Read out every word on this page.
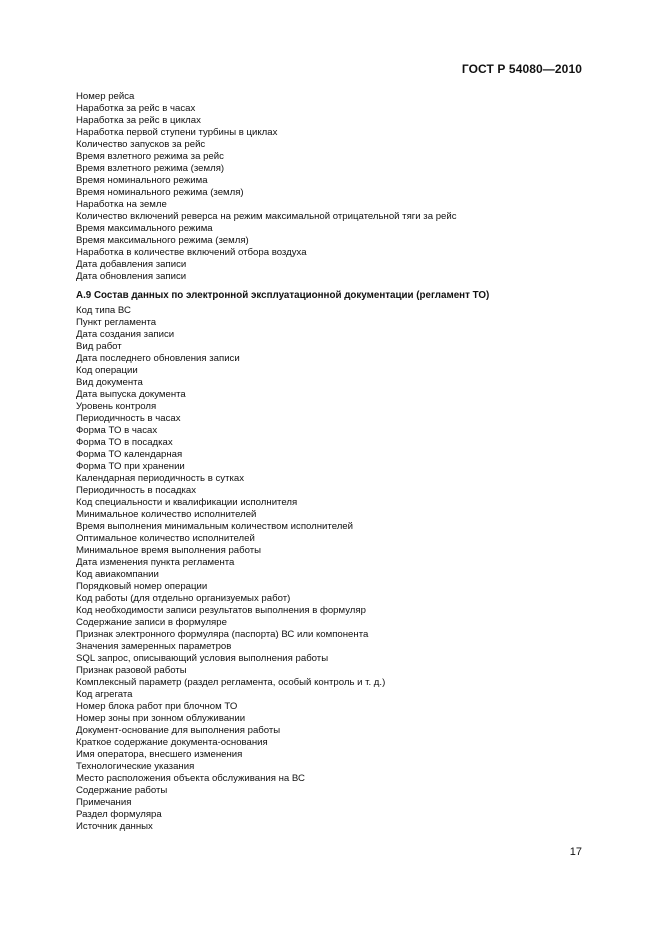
ГОСТ Р 54080—2010
Номер рейса
Наработка за рейс в часах
Наработка за рейс в циклах
Наработка первой ступени турбины в циклах
Количество запусков за рейс
Время взлетного режима за рейс
Время взлетного режима (земля)
Время номинального режима
Время номинального режима (земля)
Наработка на земле
Количество включений реверса на режим максимальной отрицательной тяги за рейс
Время максимального режима
Время максимального режима (земля)
Наработка в количестве включений отбора воздуха
Дата добавления записи
Дата обновления записи
А.9 Состав данных по электронной эксплуатационной документации (регламент ТО)
Код типа ВС
Пункт регламента
Дата создания записи
Вид работ
Дата последнего обновления записи
Код операции
Вид документа
Дата выпуска документа
Уровень контроля
Периодичность в часах
Форма ТО в часах
Форма ТО в посадках
Форма ТО календарная
Форма ТО при хранении
Календарная периодичность в сутках
Периодичность в посадках
Код специальности и квалификации исполнителя
Минимальное количество исполнителей
Время выполнения минимальным количеством исполнителей
Оптимальное количество исполнителей
Минимальное время выполнения работы
Дата изменения пункта регламента
Код авиакомпании
Порядковый номер операции
Код работы (для отдельно организуемых работ)
Код необходимости записи результатов выполнения в формуляр
Содержание записи в формуляре
Признак электронного формуляра (паспорта) ВС или компонента
Значения замеренных параметров
SQL запрос, описывающий условия выполнения работы
Признак разовой работы
Комплексный параметр (раздел регламента, особый контроль и т. д.)
Код агрегата
Номер блока работ при блочном ТО
Номер зоны при зонном облуживании
Документ-основание для выполнения работы
Краткое содержание документа-основания
Имя оператора, внесшего изменения
Технологические указания
Место расположения объекта обслуживания на ВС
Содержание работы
Примечания
Раздел формуляра
Источник данных
17
